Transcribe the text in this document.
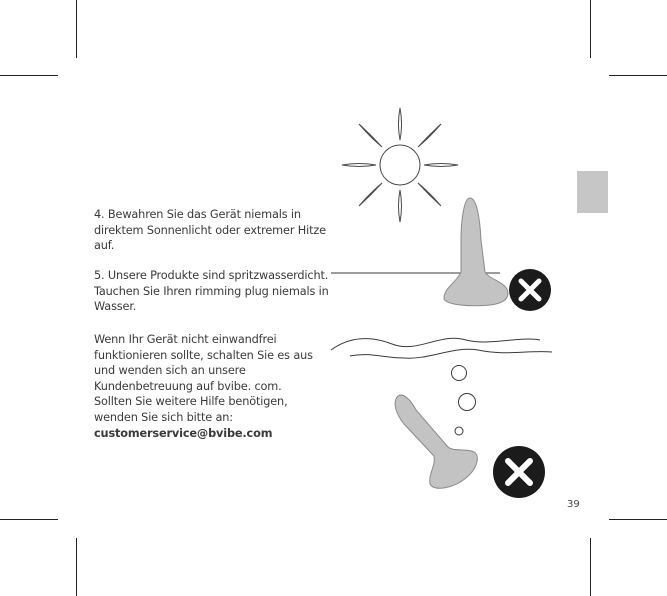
4. Bewahren Sie das Gerät niemals in direktem Sonnenlicht oder extremer Hitze auf.

5. Unsere Produkte sind spritzwasserdicht. Tauchen Sie Ihren rimming plug niemals in Wasser.

Wenn Ihr Gerät nicht einwandfrei funktionieren sollte, schalten Sie es aus und wenden sich an unsere Kundenbetreuung auf bvibe. com. Sollten Sie weitere Hilfe benötigen, wenden Sie sich bitte an: customerservice@bvibe.com

39
